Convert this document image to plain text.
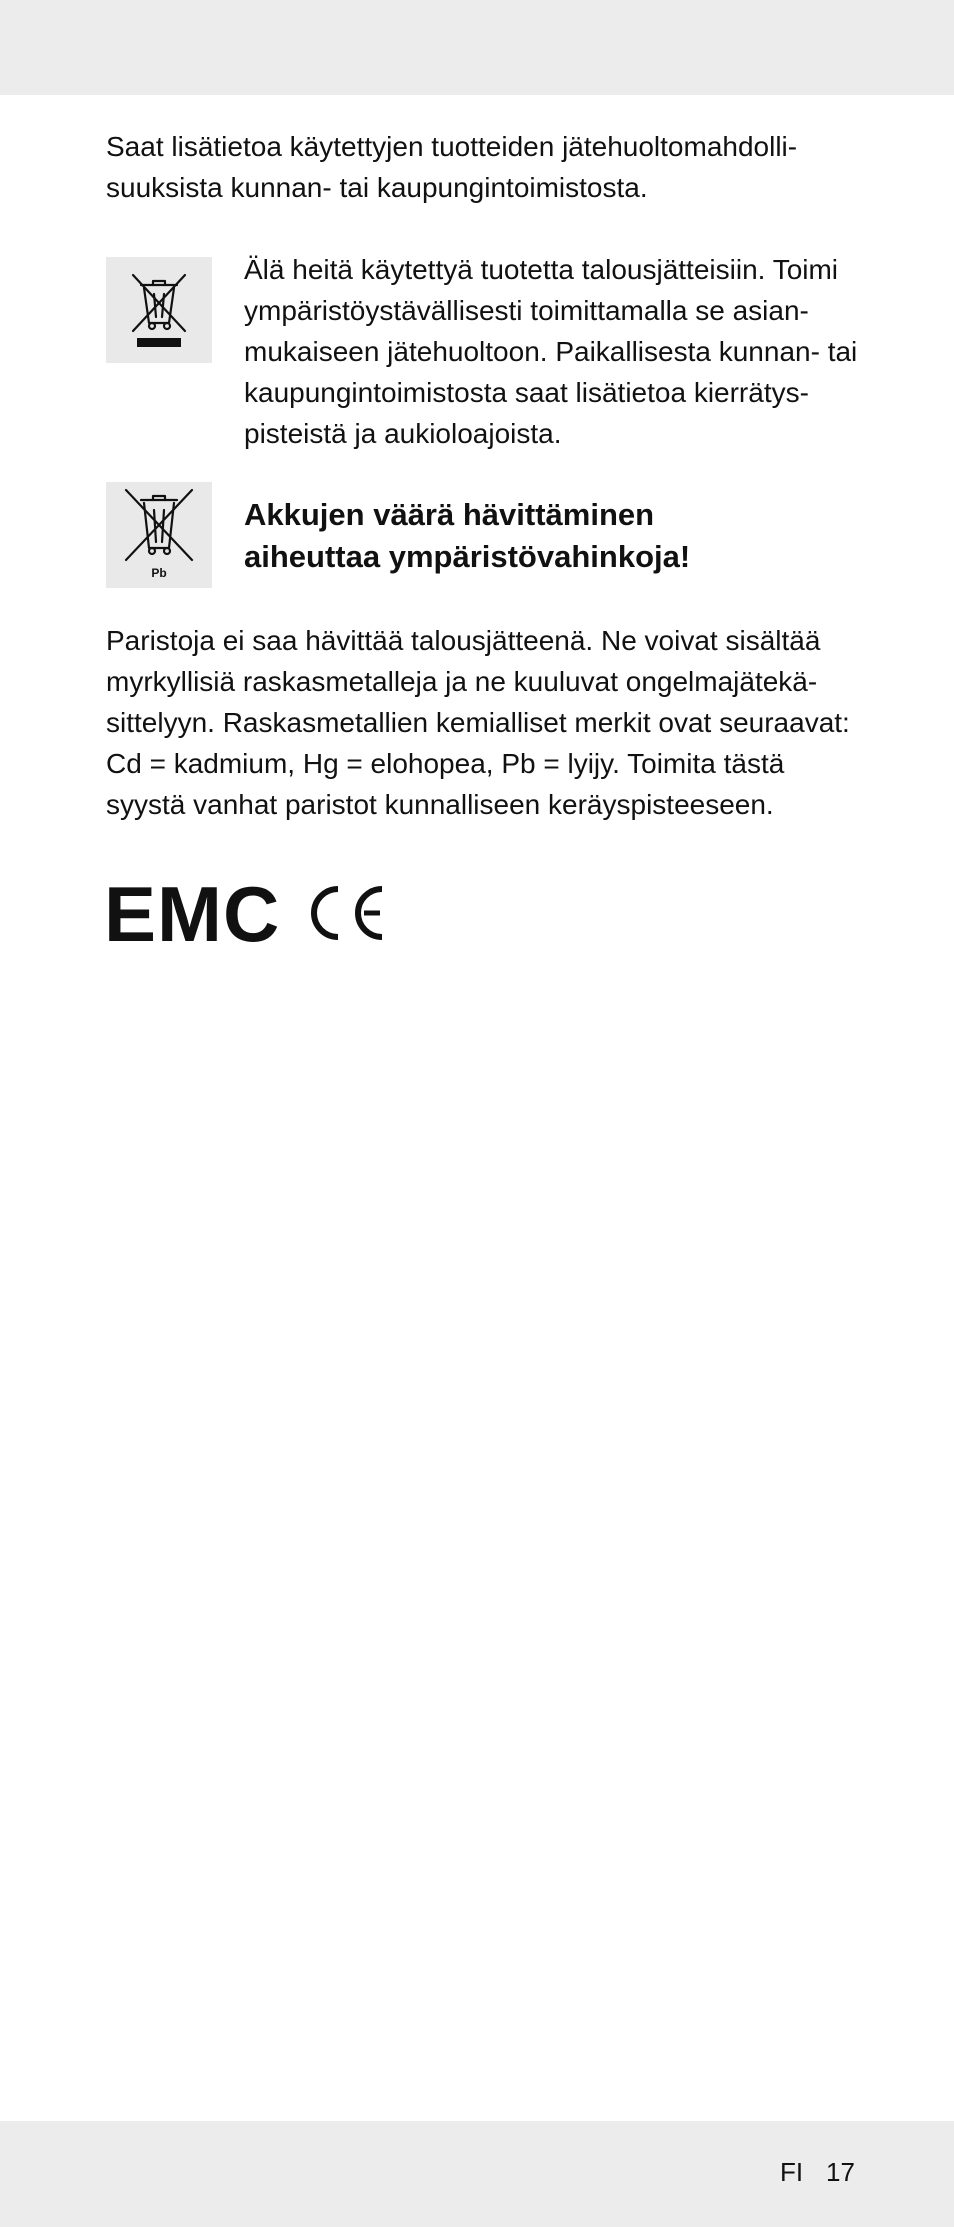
Saat lisätietoa käytettyjen tuotteiden jätehuoltomahdolli-
suuksista kunnan- tai kaupungintoimistosta.

Älä heitä käytettyä tuotetta talousjätteisiin. Toimi
ympäristöystävällisesti toimittamalla se asian-
mukaiseen jätehuoltoon. Paikallisesta kunnan- tai
kaupungintoimistosta saat lisätietoa kierrätys-
pisteistä ja aukioloajoista.

Pb
Akkujen väärä hävittäminen
aiheuttaa ympäristövahinkoja!

Paristoja ei saa hävittää talousjätteenä. Ne voivat sisältää
myrkyllisiä raskasmetalleja ja ne kuuluvat ongelmajätekä-
sittelyyn. Raskasmetallien kemialliset merkit ovat seuraavat:
Cd = kadmium, Hg = elohopea, Pb = lyijy. Toimita tästä
syystä vanhat paristot kunnalliseen keräyspisteeseen.

EMC
FI 17
